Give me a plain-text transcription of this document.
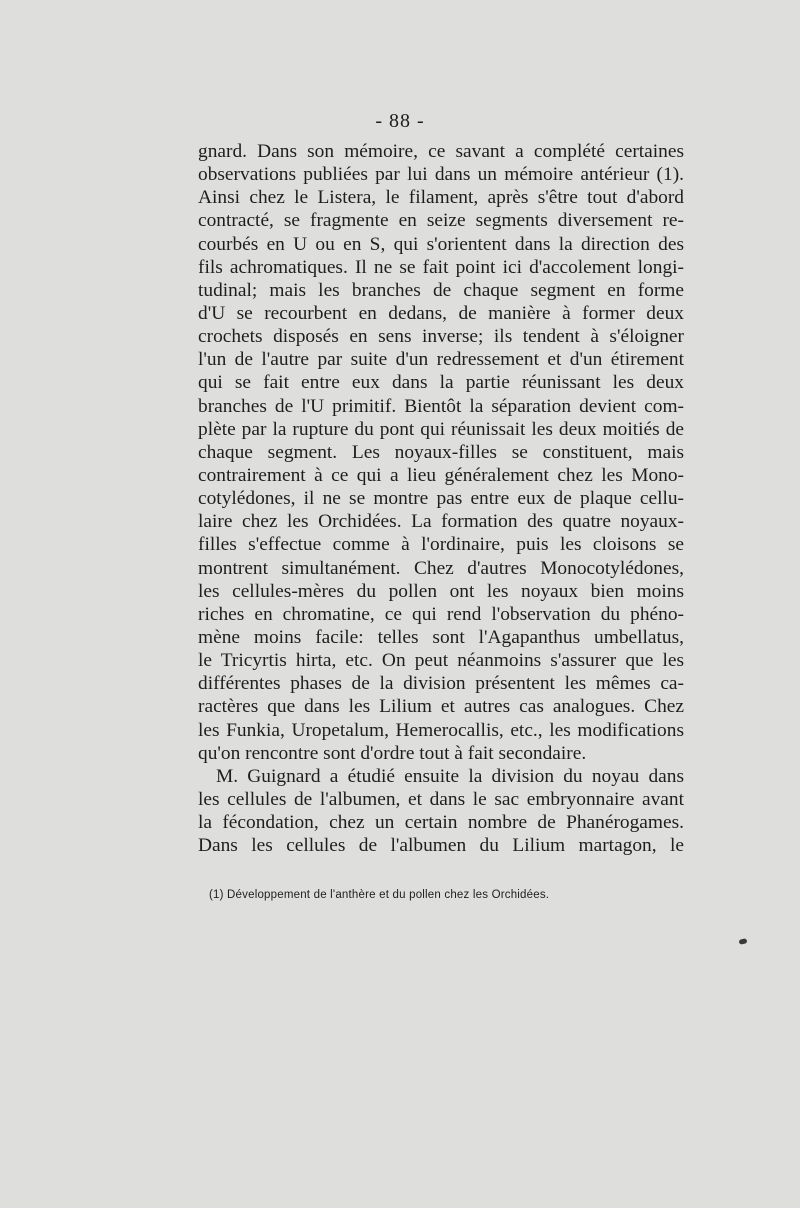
- 88 -
gnard. Dans son mémoire, ce savant a complété certaines
observations publiées par lui dans un mémoire antérieur (1).
Ainsi chez le Listera, le filament, après s'être tout d'abord
contracté, se fragmente en seize segments diversement re-
courbés en U ou en S, qui s'orientent dans la direction des
fils achromatiques. Il ne se fait point ici d'accolement longi-
tudinal; mais les branches de chaque segment en forme
d'U se recourbent en dedans, de manière à former deux
crochets disposés en sens inverse; ils tendent à s'éloigner
l'un de l'autre par suite d'un redressement et d'un étirement
qui se fait entre eux dans la partie réunissant les deux
branches de l'U primitif. Bientôt la séparation devient com-
plète par la rupture du pont qui réunissait les deux moitiés de
chaque segment. Les noyaux-filles se constituent, mais
contrairement à ce qui a lieu généralement chez les Mono-
cotylédones, il ne se montre pas entre eux de plaque cellu-
laire chez les Orchidées. La formation des quatre noyaux-
filles s'effectue comme à l'ordinaire, puis les cloisons se
montrent simultanément. Chez d'autres Monocotylédones,
les cellules-mères du pollen ont les noyaux bien moins
riches en chromatine, ce qui rend l'observation du phéno-
mène moins facile: telles sont l'Agapanthus umbellatus,
le Tricyrtis hirta, etc. On peut néanmoins s'assurer que les
différentes phases de la division présentent les mêmes ca-
ractères que dans les Lilium et autres cas analogues. Chez
les Funkia, Uropetalum, Hemerocallis, etc., les modifications
qu'on rencontre sont d'ordre tout à fait secondaire.
M. Guignard a étudié ensuite la division du noyau dans
les cellules de l'albumen, et dans le sac embryonnaire avant
la fécondation, chez un certain nombre de Phanérogames.
Dans les cellules de l'albumen du Lilium martagon, le
(1) Développement de l'anthère et du pollen chez les Orchidées.
